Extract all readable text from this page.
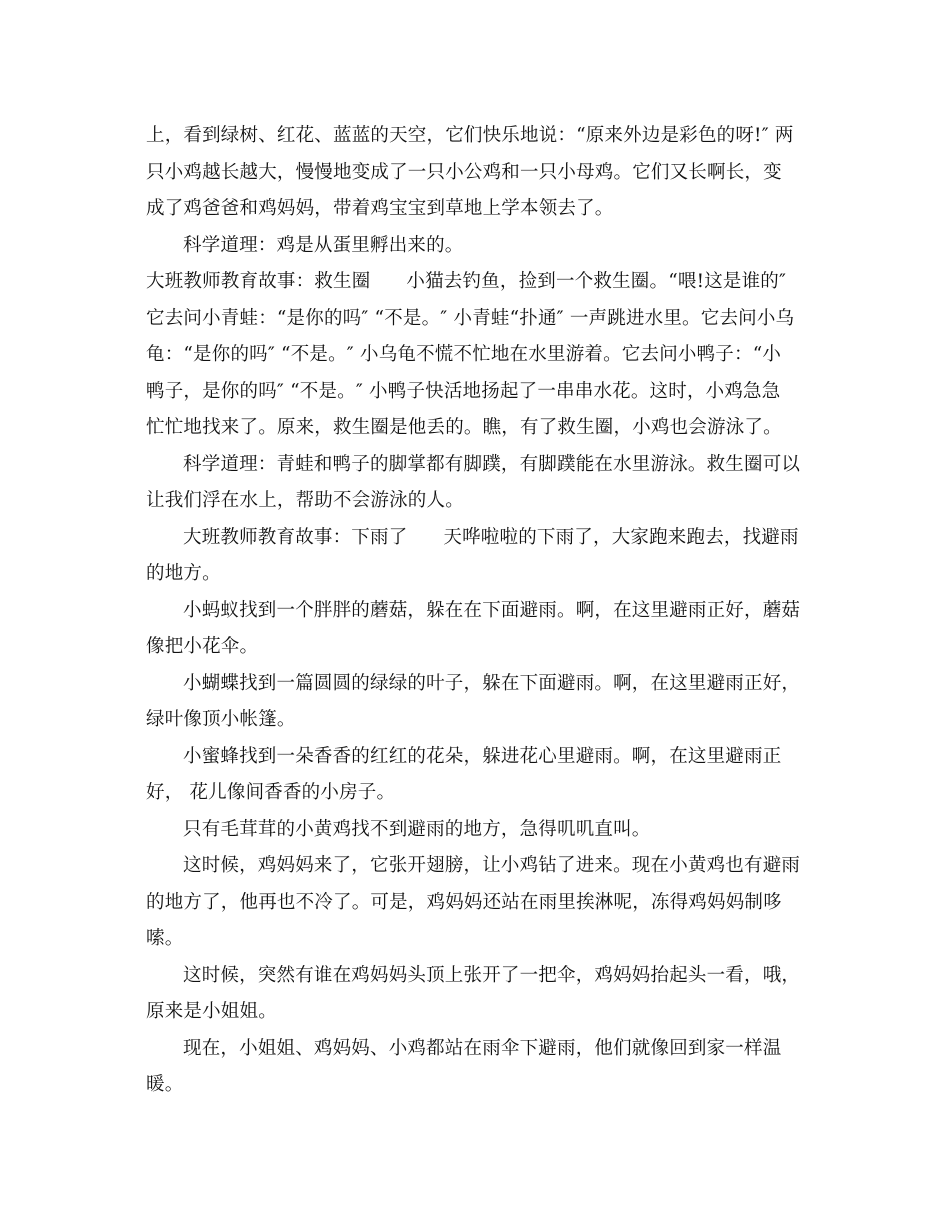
上，看到绿树、红花、蓝蓝的天空，它们快乐地说：“原来外边是彩色的呀!″ 两
只小鸡越长越大，慢慢地变成了一只小公鸡和一只小母鸡。它们又长啊长，变
成了鸡爸爸和鸡妈妈，带着鸡宝宝到草地上学本领去了。
科学道理：鸡是从蛋里孵出来的。
大班教师教育故事：救生圈 小猫去钓鱼，捡到一个救生圈。“喂!这是谁的″
它去问小青蛙：“是你的吗″ “不是。″ 小青蛙“扑通″ 一声跳进水里。它去问小乌
龟：“是你的吗″ “不是。″ 小乌龟不慌不忙地在水里游着。它去问小鸭子：“小
鸭子，是你的吗″ “不是。″ 小鸭子快活地扬起了一串串水花。这时，小鸡急急
忙忙地找来了。原来，救生圈是他丢的。瞧，有了救生圈，小鸡也会游泳了。
科学道理：青蛙和鸭子的脚掌都有脚蹼，有脚蹼能在水里游泳。救生圈可以
让我们浮在水上，帮助不会游泳的人。
大班教师教育故事：下雨了 天哗啦啦的下雨了，大家跑来跑去，找避雨
的地方。
小蚂蚁找到一个胖胖的蘑菇，躲在在下面避雨。啊，在这里避雨正好，蘑菇
像把小花伞。
小蝴蝶找到一篇圆圆的绿绿的叶子，躲在下面避雨。啊，在这里避雨正好，
绿叶像顶小帐篷。
小蜜蜂找到一朵香香的红红的花朵，躲进花心里避雨。啊，在这里避雨正
好， 花儿像间香香的小房子。
只有毛茸茸的小黄鸡找不到避雨的地方，急得叽叽直叫。
这时候，鸡妈妈来了，它张开翅膀，让小鸡钻了进来。现在小黄鸡也有避雨
的地方了，他再也不冷了。可是，鸡妈妈还站在雨里挨淋呢，冻得鸡妈妈制哆
嗦。
这时候，突然有谁在鸡妈妈头顶上张开了一把伞，鸡妈妈抬起头一看，哦，
原来是小姐姐。
现在，小姐姐、鸡妈妈、小鸡都站在雨伞下避雨，他们就像回到家一样温
暖。
